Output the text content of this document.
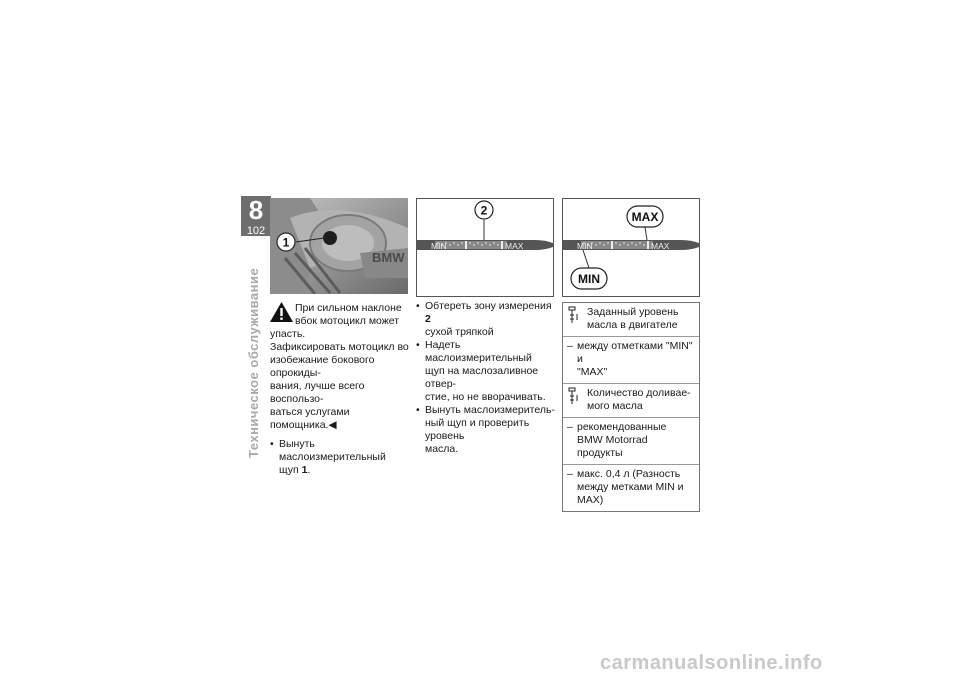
8
102
Техническое обслуживание
BMW
1
При сильном наклоне
вбок мотоцикл может
упасть.
Зафиксировать мотоцикл во
изобежание бокового опрокиды-
вания, лучше всего воспользо-
ваться услугами помощника.◀
• Вынуть маслоизмерительный
щуп 1.
MIN	MAX
2
MIN	MAX
MAX
MIN
• Обтереть зону измерения 2
сухой тряпкой
• Надеть маслоизмерительный
щуп на маслозаливное отвер-
стие, но не вворачивать.
• Вынуть маслоизмеритель-
ный щуп и проверить уровень
масла.
Заданный уровень
масла в двигателе
– между отметками "MIN" и
"MAX"
Количество доливае-
мого масла
– рекомендованные
BMW Motorrad продукты
– макс. 0,4 л (Разность
между метками MIN и
MAX)
carmanualsonline.info
